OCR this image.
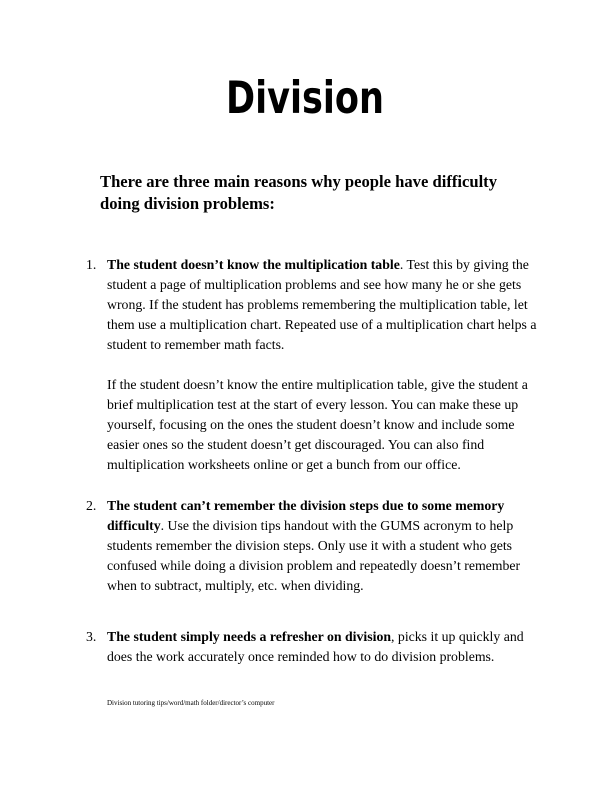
Division

There are three main reasons why people have difficulty doing division problems:

1. The student doesn’t know the multiplication table. Test this by giving the student a page of multiplication problems and see how many he or she gets wrong. If the student has problems remembering the multiplication table, let them use a multiplication chart. Repeated use of a multiplication chart helps a student to remember math facts.

If the student doesn’t know the entire multiplication table, give the student a brief multiplication test at the start of every lesson. You can make these up yourself, focusing on the ones the student doesn’t know and include some easier ones so the student doesn’t get discouraged. You can also find multiplication worksheets online or get a bunch from our office.

2. The student can’t remember the division steps due to some memory difficulty. Use the division tips handout with the GUMS acronym to help students remember the division steps. Only use it with a student who gets confused while doing a division problem and repeatedly doesn’t remember when to subtract, multiply, etc. when dividing.

3. The student simply needs a refresher on division, picks it up quickly and does the work accurately once reminded how to do division problems.

Division tutoring tips/word/math folder/director’s computer
